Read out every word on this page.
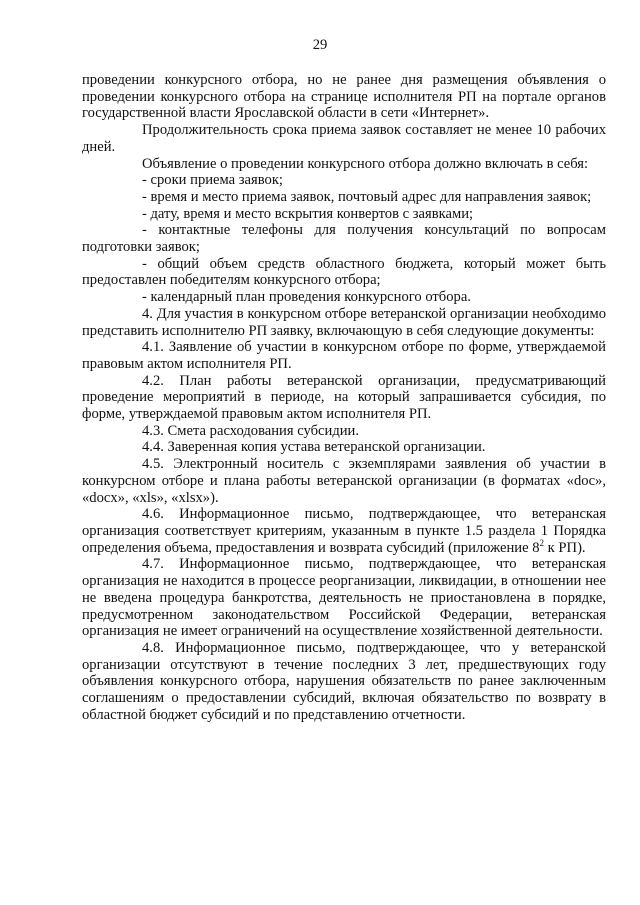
29

проведении конкурсного отбора, но не ранее дня размещения объявления о проведении конкурсного отбора на странице исполнителя РП на портале органов государственной власти Ярославской области в сети «Интернет».

Продолжительность срока приема заявок составляет не менее 10 рабочих дней.

Объявление о проведении конкурсного отбора должно включать в себя:

- сроки приема заявок;

- время и место приема заявок, почтовый адрес для направления заявок;

- дату, время и место вскрытия конвертов с заявками;

- контактные телефоны для получения консультаций по вопросам подготовки заявок;

- общий объем средств областного бюджета, который может быть предоставлен победителям конкурсного отбора;

- календарный план проведения конкурсного отбора.

4. Для участия в конкурсном отборе ветеранской организации необходимо представить исполнителю РП заявку, включающую в себя следующие документы:

4.1. Заявление об участии в конкурсном отборе по форме, утверждаемой правовым актом исполнителя РП.

4.2. План работы ветеранской организации, предусматривающий проведение мероприятий в периоде, на который запрашивается субсидия, по форме, утверждаемой правовым актом исполнителя РП.

4.3. Смета расходования субсидии.

4.4. Заверенная копия устава ветеранской организации.

4.5. Электронный носитель с экземплярами заявления об участии в конкурсном отборе и плана работы ветеранской организации (в форматах «doc», «docx», «xls», «xlsx»).

4.6. Информационное письмо, подтверждающее, что ветеранская организация соответствует критериям, указанным в пункте 1.5 раздела 1 Порядка определения объема, предоставления и возврата субсидий (приложение $8^2$ к РП).

4.7. Информационное письмо, подтверждающее, что ветеранская организация не находится в процессе реорганизации, ликвидации, в отношении нее не введена процедура банкротства, деятельность не приостановлена в порядке, предусмотренном законодательством Российской Федерации, ветеранская организация не имеет ограничений на осуществление хозяйственной деятельности.

4.8. Информационное письмо, подтверждающее, что у ветеранской организации отсутствуют в течение последних 3 лет, предшествующих году объявления конкурсного отбора, нарушения обязательств по ранее заключенным соглашениям о предоставлении субсидий, включая обязательство по возврату в областной бюджет субсидий и по представлению отчетности.
